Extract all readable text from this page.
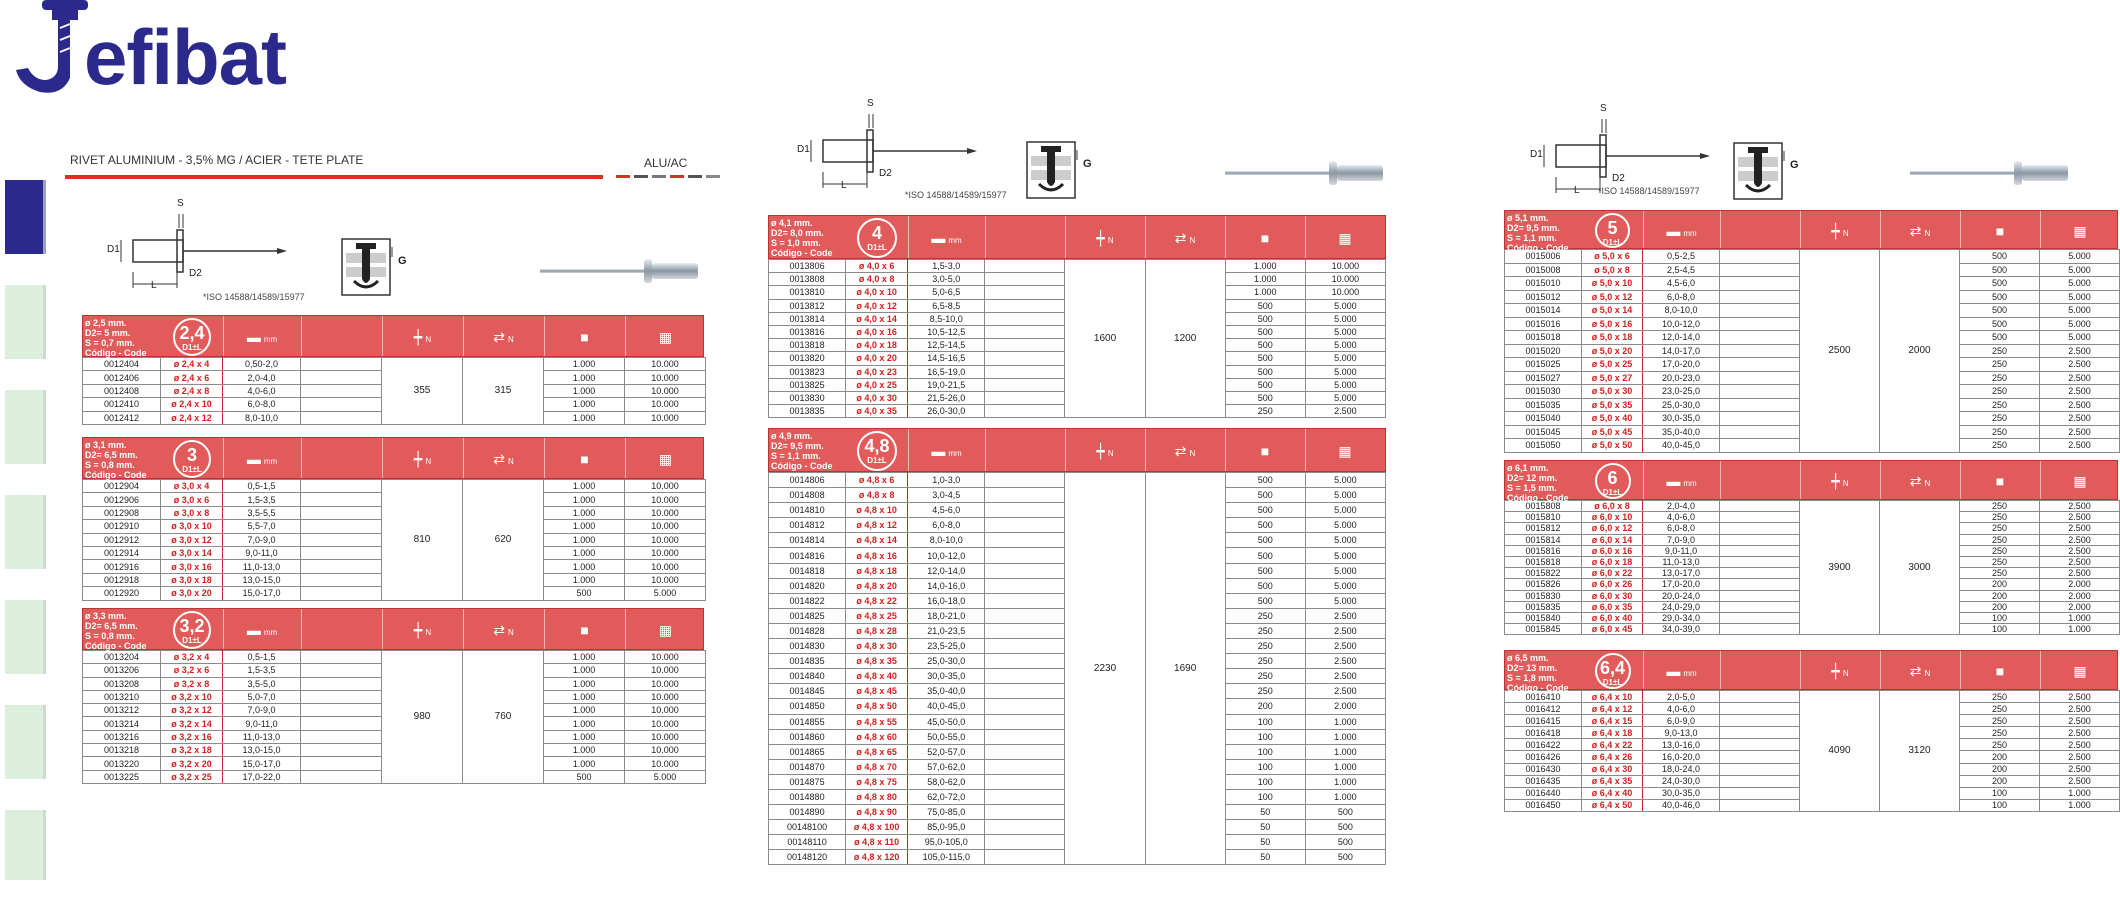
efibat
RIVET ALUMINIUM - 3,5% MG / ACIER - TETE PLATE	ALU/AC
S
D1
D2
L
*ISO 14588/14589/15977
G
S
D1
D2
L
*ISO 14588/14589/15977
G
S
D1
D2
L *ISO 14588/14589/15977
G
ø 2,5 mm.
D2= 5 mm.
S = 0,7 mm.
Código - Code
2,4
D1±L
▬ mm	┿ N	⇄ N	■	▦
0012404	ø 2,4 x 4	0,50-2,0		355	315	1.000	10.000
0012406	ø 2,4 x 6	2,0-4,0				1.000	10.000
0012408	ø 2,4 x 8	4,0-6,0				1.000	10.000
0012410	ø 2,4 x 10	6,0-8,0				1.000	10.000
0012412	ø 2,4 x 12	8,0-10,0				1.000	10.000
ø 3,1 mm.
D2= 6,5 mm.
S = 0,8 mm.
Código - Code
3
D1±L
▬ mm	┿ N	⇄ N	■	▦
0012904	ø 3,0 x 4	0,5-1,5		810	620	1.000	10.000
0012906	ø 3,0 x 6	1,5-3,5				1.000	10.000
0012908	ø 3,0 x 8	3,5-5,5				1.000	10.000
0012910	ø 3,0 x 10	5,5-7,0				1.000	10.000
0012912	ø 3,0 x 12	7,0-9,0				1.000	10.000
0012914	ø 3,0 x 14	9,0-11,0				1.000	10.000
0012916	ø 3,0 x 16	11,0-13,0				1.000	10.000
0012918	ø 3,0 x 18	13,0-15,0				1.000	10.000
0012920	ø 3,0 x 20	15,0-17,0				500	5.000
ø 3,3 mm.
D2= 6,5 mm.
S = 0,8 mm.
Código - Code
3,2
D1±L
▬ mm	┿ N	⇄ N	■	▦
0013204	ø 3,2 x 4	0,5-1,5		980	760	1.000	10.000
0013206	ø 3,2 x 6	1,5-3,5				1.000	10.000
0013208	ø 3,2 x 8	3,5-5,0				1.000	10.000
0013210	ø 3,2 x 10	5,0-7,0				1.000	10.000
0013212	ø 3,2 x 12	7,0-9,0				1.000	10.000
0013214	ø 3,2 x 14	9,0-11,0				1.000	10.000
0013216	ø 3,2 x 16	11,0-13,0				1.000	10.000
0013218	ø 3,2 x 18	13,0-15,0				1.000	10.000
0013220	ø 3,2 x 20	15,0-17,0				1.000	10.000
0013225	ø 3,2 x 25	17,0-22,0				500	5.000
ø 4,1 mm.
D2= 8,0 mm.
S = 1,0 mm.
Código - Code
4
D1±L
▬ mm	┿ N	⇄ N	■	▦
0013806	ø 4,0 x 6	1,5-3,0		1600	1200	1.000	10.000
0013808	ø 4,0 x 8	3,0-5,0				1.000	10.000
0013810	ø 4,0 x 10	5,0-6,5				1.000	10.000
0013812	ø 4,0 x 12	6,5-8,5				500	5.000
0013814	ø 4,0 x 14	8,5-10,0				500	5.000
0013816	ø 4,0 x 16	10,5-12,5				500	5.000
0013818	ø 4,0 x 18	12,5-14,5				500	5.000
0013820	ø 4,0 x 20	14,5-16,5				500	5.000
0013823	ø 4,0 x 23	16,5-19,0				500	5.000
0013825	ø 4,0 x 25	19,0-21,5				500	5.000
0013830	ø 4,0 x 30	21,5-26,0				500	5.000
0013835	ø 4,0 x 35	26,0-30,0				250	2.500
ø 4,9 mm.
D2= 9,5 mm.
S = 1,1 mm.
Código - Code
4,8
D1±L
▬ mm	┿ N	⇄ N	■	▦
0014806	ø 4,8 x 6	1,0-3,0		2230	1690	500	5.000
0014808	ø 4,8 x 8	3,0-4,5				500	5.000
0014810	ø 4,8 x 10	4,5-6,0				500	5.000
0014812	ø 4,8 x 12	6,0-8,0				500	5.000
0014814	ø 4,8 x 14	8,0-10,0				500	5.000
0014816	ø 4,8 x 16	10,0-12,0				500	5.000
0014818	ø 4,8 x 18	12,0-14,0				500	5.000
0014820	ø 4,8 x 20	14,0-16,0				500	5.000
0014822	ø 4,8 x 22	16,0-18,0				500	5.000
0014825	ø 4,8 x 25	18,0-21,0				250	2.500
0014828	ø 4,8 x 28	21,0-23,5				250	2.500
0014830	ø 4,8 x 30	23,5-25,0				250	2.500
0014835	ø 4,8 x 35	25,0-30,0				250	2.500
0014840	ø 4,8 x 40	30,0-35,0				250	2.500
0014845	ø 4,8 x 45	35,0-40,0				250	2.500
0014850	ø 4,8 x 50	40,0-45,0				200	2.000
0014855	ø 4,8 x 55	45,0-50,0				100	1.000
0014860	ø 4,8 x 60	50,0-55,0				100	1.000
0014865	ø 4,8 x 65	52,0-57,0				100	1.000
0014870	ø 4,8 x 70	57,0-62,0				100	1.000
0014875	ø 4,8 x 75	58,0-62,0				100	1.000
0014880	ø 4,8 x 80	62,0-72,0				100	1.000
0014890	ø 4,8 x 90	75,0-85,0				50	500
00148100	ø 4,8 x 100	85,0-95,0				50	500
00148110	ø 4,8 x 110	95,0-105,0				50	500
00148120	ø 4,8 x 120	105,0-115,0				50	500
ø 5,1 mm.
D2= 9,5 mm.
S = 1,1 mm.
Código - Code
5
D1±L
▬ mm	┿ N	⇄ N	■	▦
0015006	ø 5,0 x 6	0,5-2,5		2500	2000	500	5.000
0015008	ø 5,0 x 8	2,5-4,5				500	5.000
0015010	ø 5,0 x 10	4,5-6,0				500	5.000
0015012	ø 5,0 x 12	6,0-8,0				500	5.000
0015014	ø 5,0 x 14	8,0-10,0				500	5.000
0015016	ø 5,0 x 16	10,0-12,0				500	5.000
0015018	ø 5,0 x 18	12,0-14,0				500	5.000
0015020	ø 5,0 x 20	14,0-17,0				250	2.500
0015025	ø 5,0 x 25	17,0-20,0				250	2.500
0015027	ø 5,0 x 27	20,0-23,0				250	2.500
0015030	ø 5,0 x 30	23,0-25,0				250	2.500
0015035	ø 5,0 x 35	25,0-30,0				250	2.500
0015040	ø 5,0 x 40	30,0-35,0				250	2.500
0015045	ø 5,0 x 45	35,0-40,0				250	2.500
0015050	ø 5,0 x 50	40,0-45,0				250	2.500
ø 6,1 mm.
D2= 12 mm.
S = 1,5 mm.
Código - Code
6
D1±L
▬ mm	┿ N	⇄ N	■	▦
0015808	ø 6,0 x 8	2,0-4,0		3900	3000	250	2.500
0015810	ø 6,0 x 10	4,0-6,0				250	2.500
0015812	ø 6,0 x 12	6,0-8,0				250	2.500
0015814	ø 6,0 x 14	7,0-9,0				250	2.500
0015816	ø 6,0 x 16	9,0-11,0				250	2.500
0015818	ø 6,0 x 18	11,0-13,0				250	2.500
0015822	ø 6,0 x 22	13,0-17,0				250	2.500
0015826	ø 6,0 x 26	17,0-20,0				200	2.000
0015830	ø 6,0 x 30	20,0-24,0				200	2.000
0015835	ø 6,0 x 35	24,0-29,0				200	2.000
0015840	ø 6,0 x 40	29,0-34,0				100	1.000
0015845	ø 6,0 x 45	34,0-39,0				100	1.000
ø 6,5 mm.
D2= 13 mm.
S = 1,8 mm.
Código - Code
6,4
D1±L
▬ mm	┿ N	⇄ N	■	▦
0016410	ø 6,4 x 10	2,0-5,0		4090	3120	250	2.500
0016412	ø 6,4 x 12	4,0-6,0				250	2.500
0016415	ø 6,4 x 15	6,0-9,0				250	2.500
0016418	ø 6,4 x 18	9,0-13,0				250	2.500
0016422	ø 6,4 x 22	13,0-16,0				250	2.500
0016426	ø 6,4 x 26	16,0-20,0				200	2.500
0016430	ø 6,4 x 30	18,0-24,0				200	2.500
0016435	ø 6,4 x 35	24,0-30,0				200	2.500
0016440	ø 6,4 x 40	30,0-35,0				100	1.000
0016450	ø 6,4 x 50	40,0-46,0				100	1.000
